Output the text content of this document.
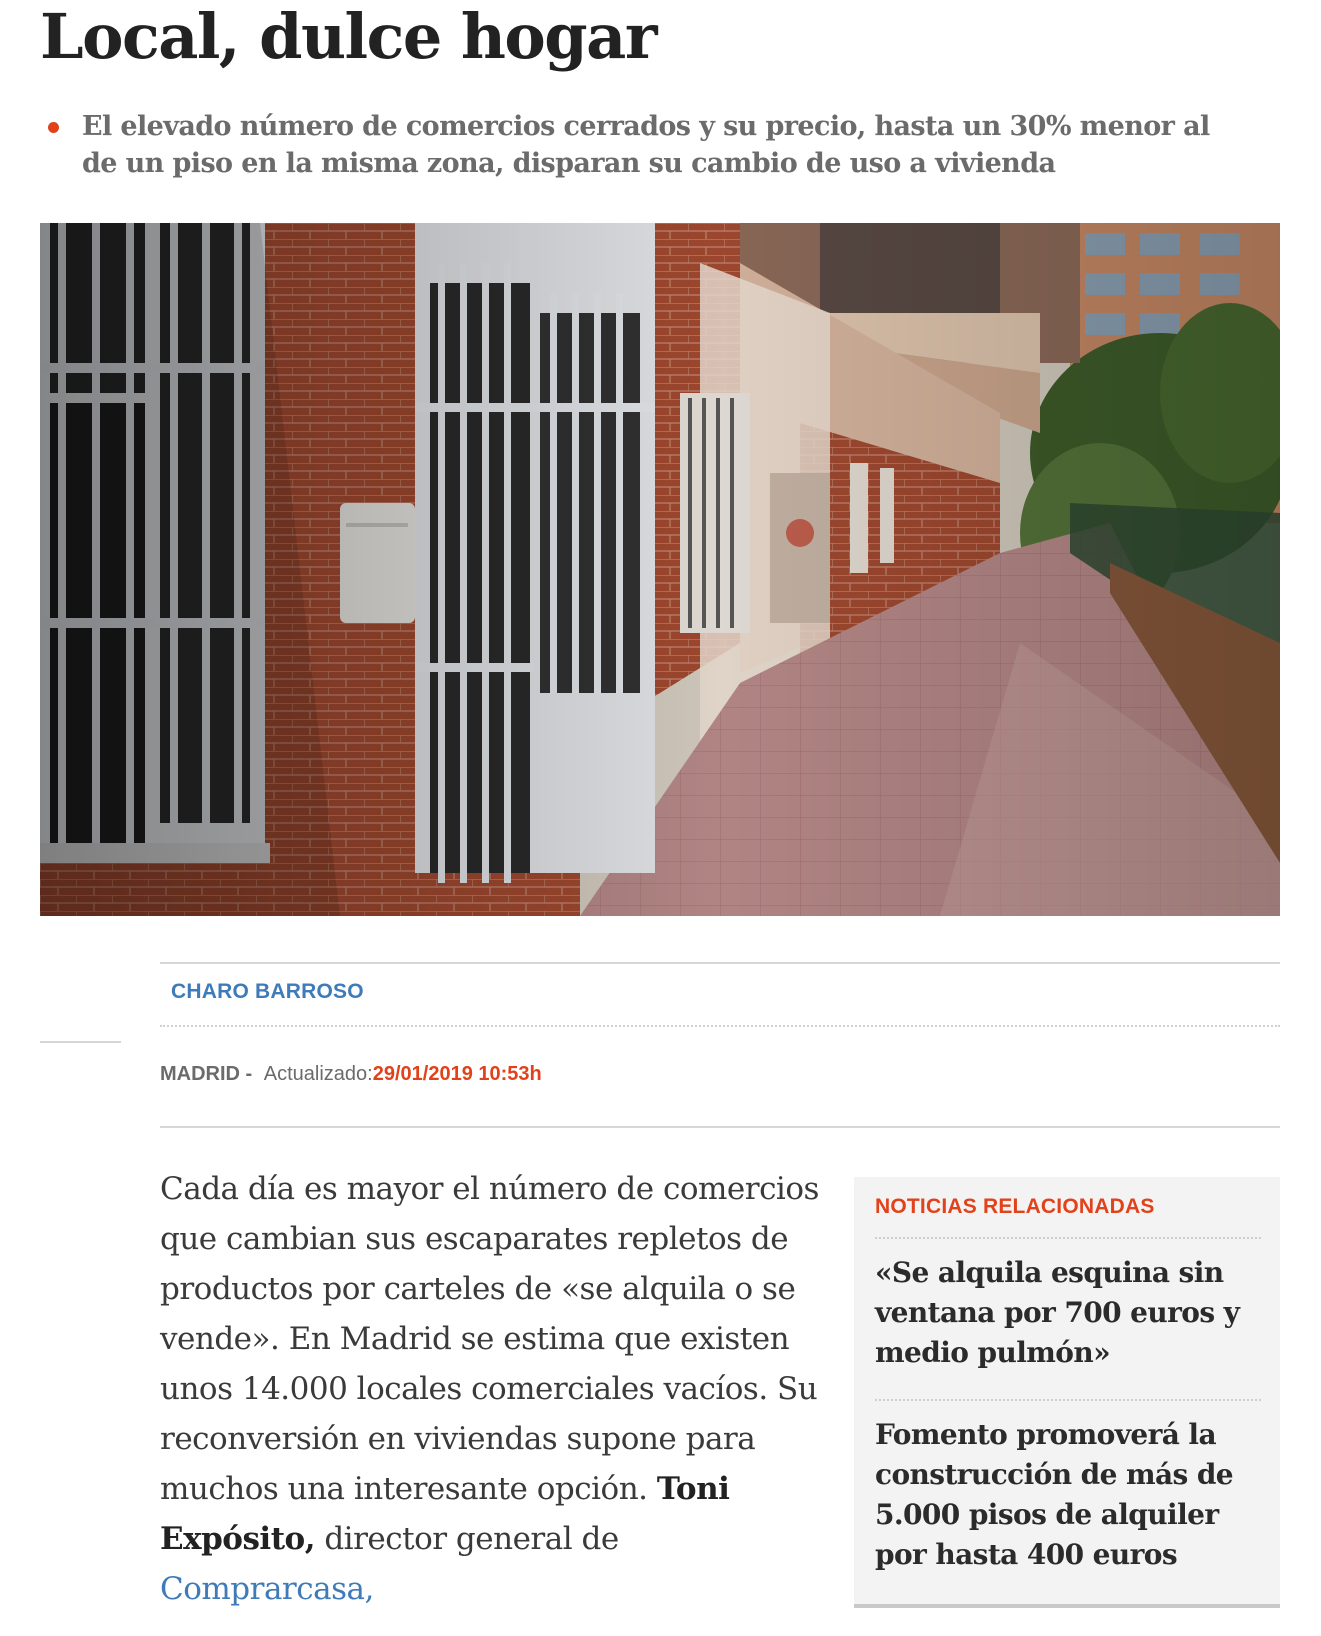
Local, dulce hogar
El elevado número de comercios cerrados y su precio, hasta un 30% menor al de un piso en la misma zona, disparan su cambio de uso a vivienda
CHARO BARROSO
MADRID - Actualizado:29/01/2019 10:53h

Cada día es mayor el número de comercios que cambian sus escaparates repletos de productos por carteles de «se alquila o se vende». En Madrid se estima que existen unos 14.000 locales comerciales vacíos. Su reconversión en viviendas supone para muchos una interesante opción. Toni Expósito, director general de Comprarcasa,

NOTICIAS RELACIONADAS
«Se alquila esquina sin ventana por 700 euros y medio pulmón»
Fomento promoverá la construcción de más de 5.000 pisos de alquiler por hasta 400 euros
